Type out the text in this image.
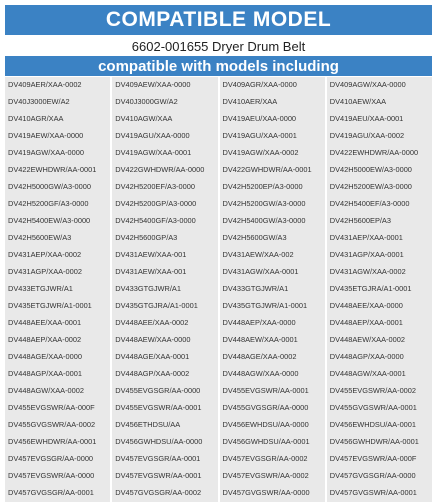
COMPATIBLE MODEL
6602-001655 Dryer Drum Belt
compatible with models including
DV409AER/XAA-0002	DV409AEW/XAA-0000	DV409AGR/XAA-0000	DV409AGW/XAA-0000
DV40J3000EW/A2	DV40J3000GW/A2	DV410AER/XAA	DV410AEW/XAA
DV410AGR/XAA	DV410AGW/XAA	DV419AEU/XAA-0000	DV419AEU/XAA-0001
DV419AEW/XAA-0000	DV419AGU/XAA-0000	DV419AGU/XAA-0001	DV419AGU/XAA-0002
DV419AGW/XAA-0000	DV419AGW/XAA-0001	DV419AGW/XAA-0002	DV422EWHDWR/AA-0000
DV422EWHDWR/AA-0001	DV422GWHDWR/AA-0000	DV422GWHDWR/AA-0001	DV42H5000EW/A3-0000
DV42H5000GW/A3-0000	DV42H5200EF/A3-0000	DV42H5200EP/A3-0000	DV42H5200EW/A3-0000
DV42H5200GF/A3-0000	DV42H5200GP/A3-0000	DV42H5200GW/A3-0000	DV42H5400EF/A3-0000
DV42H5400EW/A3-0000	DV42H5400GF/A3-0000	DV42H5400GW/A3-0000	DV42H5600EP/A3
DV42H5600EW/A3	DV42H5600GP/A3	DV42H5600GW/A3	DV431AEP/XAA-0001
DV431AEP/XAA-0002	DV431AEW/XAA-001	DV431AEW/XAA-002	DV431AGP/XAA-0001
DV431AGP/XAA-0002	DV431AEW/XAA-001	DV431AGW/XAA-0001	DV431AGW/XAA-0002
DV433ETGJWR/A1	DV433GTGJWR/A1	DV433GTGJWR/A1	DV435ETGJRA/A1-0001
DV435ETGJWR/A1-0001	DV435GTGJRA/A1-0001	DV435GTGJWR/A1-0001	DV448AEE/XAA-0000
DV448AEE/XAA-0001	DV448AEE/XAA-0002	DV448AEP/XAA-0000	DV448AEP/XAA-0001
DV448AEP/XAA-0002	DV448AEW/XAA-0000	DV448AEW/XAA-0001	DV448AEW/XAA-0002
DV448AGE/XAA-0000	DV448AGE/XAA-0001	DV448AGE/XAA-0002	DV448AGP/XAA-0000
DV448AGP/XAA-0001	DV448AGP/XAA-0002	DV448AGW/XAA-0000	DV448AGW/XAA-0001
DV448AGW/XAA-0002	DV455EVGSGR/AA-0000	DV455EVGSWR/AA-0001	DV455EVGSWR/AA-0002
DV455EVGSWR/AA-000F	DV455EVGSWR/AA-0001	DV455GVGSGR/AA-0000	DV455GVGSWR/AA-0001
DV455GVGSWR/AA-0002	DV456ETHDSU/AA	DV456EWHDSU/AA-0000	DV456EWHDSU/AA-0001
DV456EWHDWR/AA-0001	DV456GWHDSU/AA-0000	DV456GWHDSU/AA-0001	DV456GWHDWR/AA-0001
DV457EVGSGR/AA-0000	DV457EVGSGR/AA-0001	DV457EVGSGR/AA-0002	DV457EVGSWR/AA-000F
DV457EVGSWR/AA-0000	DV457EVGSWR/AA-0001	DV457EVGSWR/AA-0002	DV457GVGSGR/AA-0000
DV457GVGSGR/AA-0001	DV457GVGSGR/AA-0002	DV457GVGSWR/AA-0000	DV457GVGSWR/AA-0001
